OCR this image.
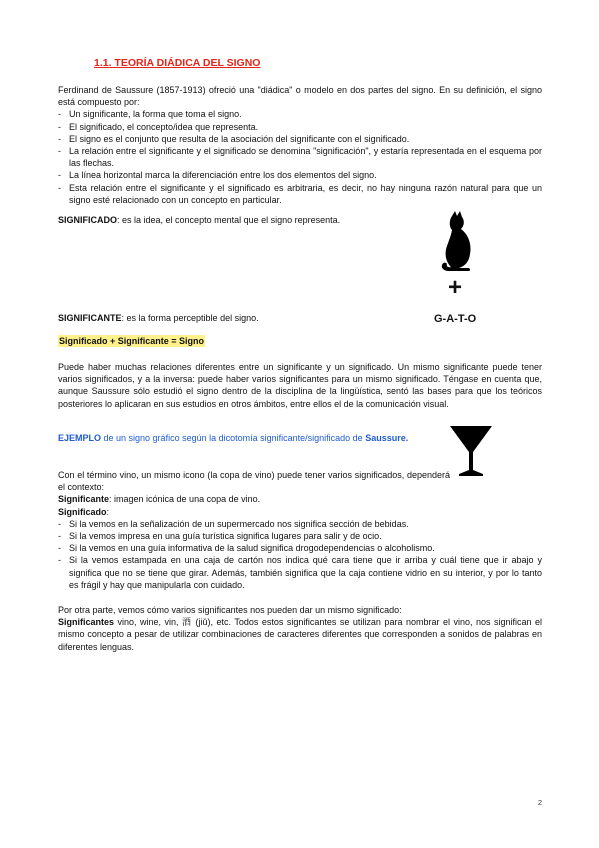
1.1. TEORÍA DIÁDICA DEL SIGNO

Ferdinand de Saussure (1857-1913) ofreció una "diádica" o modelo en dos partes del signo. En su definición, el signo está compuesto por:

- Un significante, la forma que toma el signo.
- El significado, el concepto/idea que representa.
- El signo es el conjunto que resulta de la asociación del significante con el significado.
- La relación entre el significante y el significado se denomina "significación", y estaría representada en el esquema por las flechas.
- La línea horizontal marca la diferenciación entre los dos elementos del signo.
- Esta relación entre el significante y el significado es arbitraria, es decir, no hay ninguna razón natural para que un signo esté relacionado con un concepto en particular.
SIGNIFICADO: es la idea, el concepto mental que el signo representa.
+
G-A-T-O
SIGNIFICANTE: es la forma perceptible del signo.
Significado + Significante = Signo
Puede haber muchas relaciones diferentes entre un significante y un significado. Un mismo significante puede tener varios significados, y a la inversa: puede haber varios significantes para un mismo significado. Téngase en cuenta que, aunque Saussure sólo estudió el signo dentro de la disciplina de la lingüística, sentó las bases para que los teóricos posteriores lo aplicaran en sus estudios en otros ámbitos, entre ellos el de la comunicación visual.
EJEMPLO de un signo gráfico según la dicotomía significante/significado de Saussure.

Con el término vino, un mismo icono (la copa de vino) puede tener varios significados, dependerá el contexto:

Significante: imagen icónica de una copa de vino.

Significado:

- Si la vemos en la señalización de un supermercado nos significa sección de bebidas.
- Si la vemos impresa en una guía turística significa lugares para salir y de ocio.
- Si la vemos en una guía informativa de la salud significa drogodependencias o alcoholismo.
- Si la vemos estampada en una caja de cartón nos indica qué cara tiene que ir arriba y cuál tiene que ir abajo y significa que no se tiene que girar. Además, también significa que la caja contiene vidrio en su interior, y por lo tanto es frágil y hay que manipularla con cuidado.

Por otra parte, vemos cómo varios significantes nos pueden dar un mismo significado:

Significantes vino, wine, vin, 酒 (jiǔ), etc. Todos estos significantes se utilizan para nombrar el vino, nos significan el mismo concepto a pesar de utilizar combinaciones de caracteres diferentes que corresponden a sonidos de palabras en diferentes lenguas.

2
